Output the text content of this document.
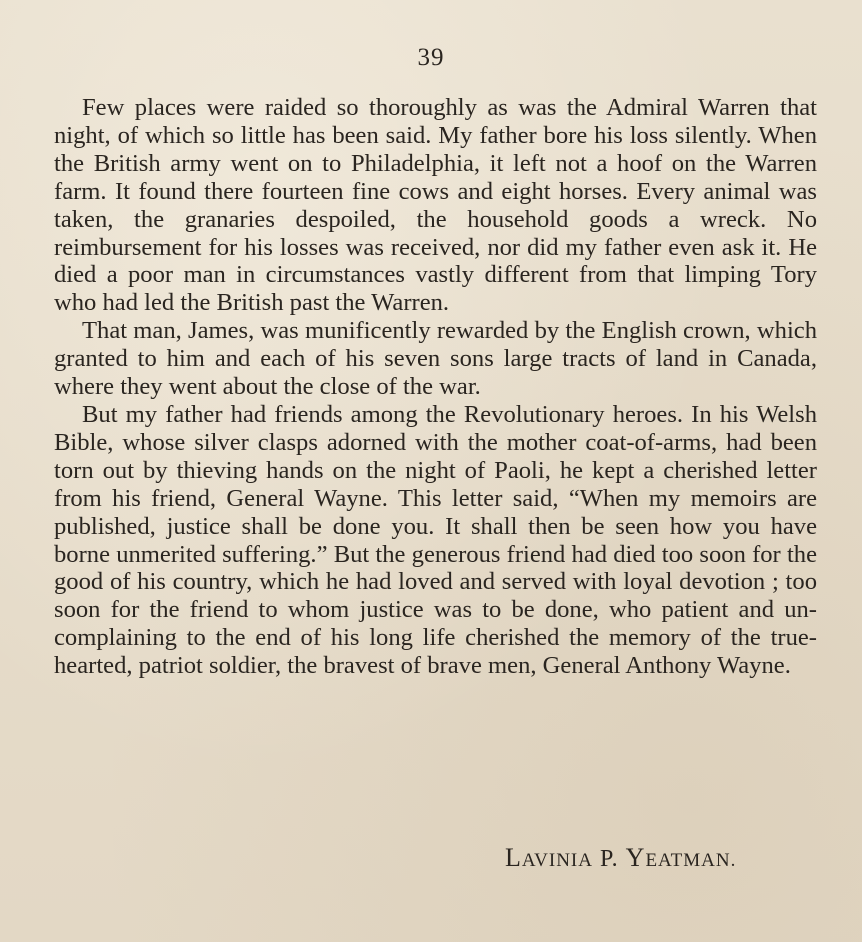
39

Few places were raided so thoroughly as was the Admiral Warren that night, of which so little has been said. My father bore his loss silently. When the British army went on to Philadelphia, it left not a hoof on the Warren farm. It found there fourteen fine cows and eight horses. Every animal was taken, the granaries despoiled, the household goods a wreck. No reimbursement for his losses was received, nor did my father even ask it. He died a poor man in circumstances vastly different from that limping Tory who had led the British past the Warren.

That man, James, was munificently rewarded by the English crown, which granted to him and each of his seven sons large tracts of land in Canada, where they went about the close of the war.

But my father had friends among the Revolutionary heroes. In his Welsh Bible, whose silver clasps adorned with the mother coat-of-arms, had been torn out by thieving hands on the night of Paoli, he kept a cherished letter from his friend, General Wayne. This letter said, “When my memoirs are published, justice shall be done you. It shall then be seen how you have borne unmerited suffering.” But the generous friend had died too soon for the good of his country, which he had loved and served with loyal devotion ; too soon for the friend to whom justice was to be done, who patient and uncomplaining to the end of his long life cherished the memory of the true-hearted, patriot soldier, the bravest of brave men, General Anthony Wayne.

LAVINIA P. YEATMAN.
